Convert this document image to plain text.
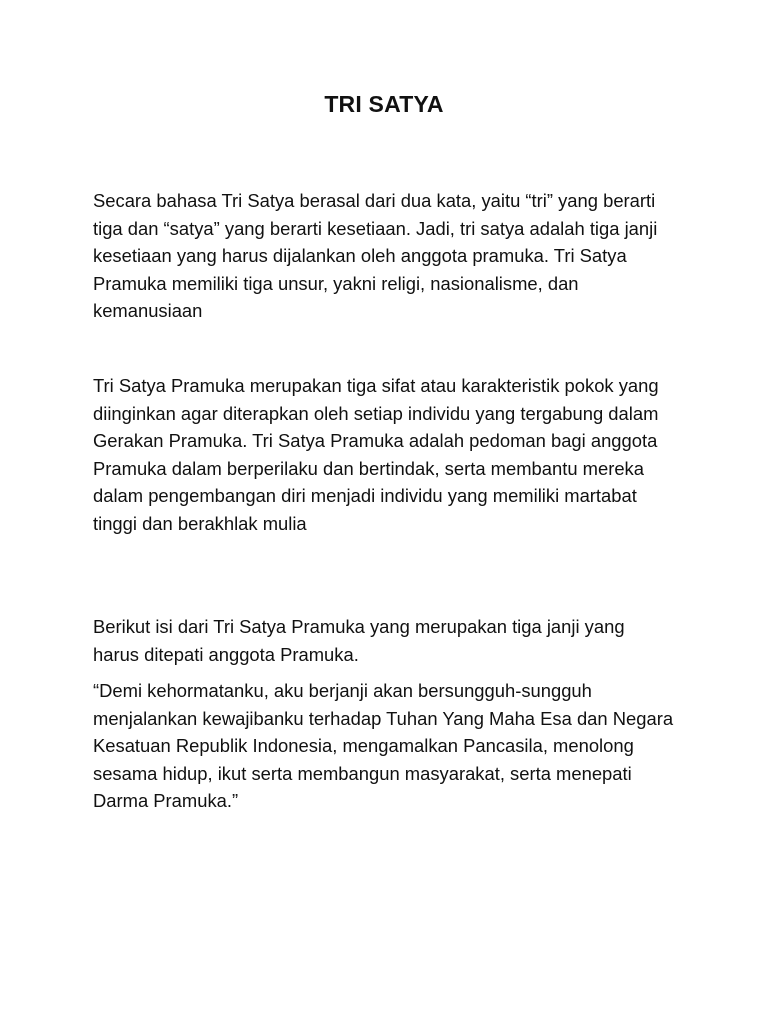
TRI SATYA

Secara bahasa Tri Satya berasal dari dua kata, yaitu “tri” yang berarti tiga dan “satya” yang berarti kesetiaan. Jadi, tri satya adalah tiga janji kesetiaan yang harus dijalankan oleh anggota pramuka. Tri Satya Pramuka memiliki tiga unsur, yakni religi, nasionalisme, dan kemanusiaan

Tri Satya Pramuka merupakan tiga sifat atau karakteristik pokok yang diinginkan agar diterapkan oleh setiap individu yang tergabung dalam Gerakan Pramuka. Tri Satya Pramuka adalah pedoman bagi anggota Pramuka dalam berperilaku dan bertindak, serta membantu mereka dalam pengembangan diri menjadi individu yang memiliki martabat tinggi dan berakhlak mulia

Berikut isi dari Tri Satya Pramuka yang merupakan tiga janji yang harus ditepati anggota Pramuka.

“Demi kehormatanku, aku berjanji akan bersungguh-sungguh menjalankan kewajibanku terhadap Tuhan Yang Maha Esa dan Negara Kesatuan Republik Indonesia, mengamalkan Pancasila, menolong sesama hidup, ikut serta membangun masyarakat, serta menepati Darma Pramuka.”
